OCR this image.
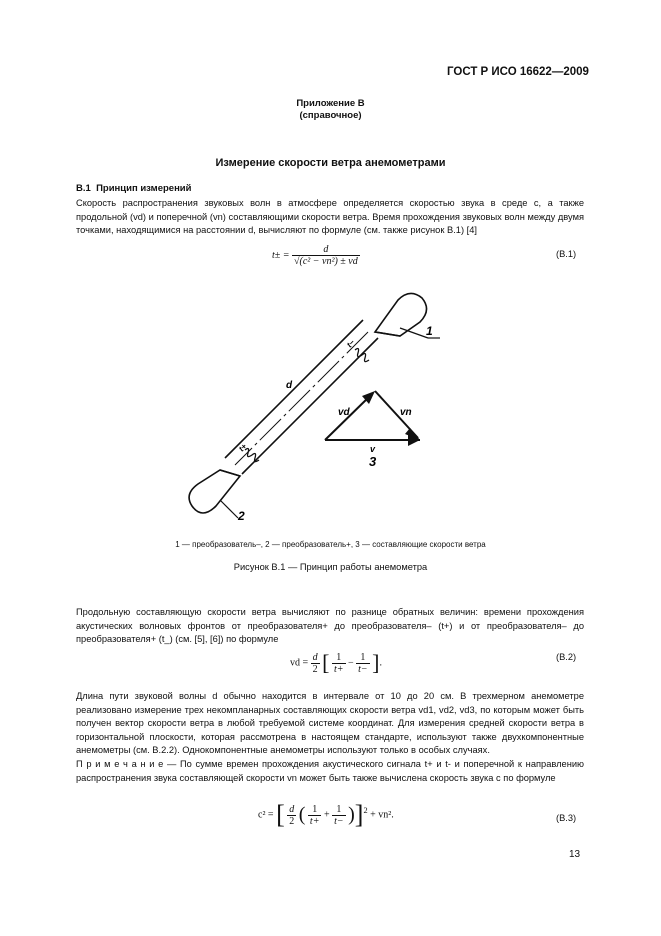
ГОСТ Р ИСО 16622—2009
Приложение В
(справочное)
Измерение скорости ветра анемометрами
В.1 Принцип измерений
Скорость распространения звуковых волн в атмосфере определяется скоростью звука в среде c, а также продольной (vd) и поперечной (vn) составляющими скорости ветра. Время прохождения звуковых волн между двумя точками, находящимися на расстоянии d, вычисляют по формуле (см. также рисунок В.1) [4]
$t\pm = \frac{d}{\text{√(c² − vn²) ± vd}}$	(В.1)
1
2
d
t−
t+
vd	vn
v
3
1 — преобразователь–, 2 — преобразователь+, 3 — составляющие скорости ветра
Рисунок В.1 — Принцип работы анемометра
Продольную составляющую скорости ветра вычисляют по разнице обратных величин: времени прохождения акустических волновых фронтов от преобразователя+ до преобразователя– (t+) и от преобразователя– до преобразователя+ (t_) (см. [5], [6]) по формуле
vd = $\frac{d}{2}$ [ $\frac{1}{t+} - \frac{1}{t-}$ ].
(В.2)
Длина пути звуковой волны d обычно находится в интервале от 10 до 20 см. В трехмерном анемометре реализовано измерение трех некомпланарных составляющих скорости ветра vd1, vd2, vd3, по которым может быть получен вектор скорости ветра в любой требуемой системе координат. Для измерения средней скорости ветра в горизонтальной плоскости, которая рассмотрена в настоящем стандарте, используют также двухкомпонентные анемометры (см. В.2.2). Однокомпонентные анемометры используют только в особых случаях.
П р и м е ч а н и е — По сумме времен прохождения акустического сигнала t+ и t- и поперечной к направлению распространения звука составляющей скорости vn может быть также вычислена скорость звука c по формуле
c² = [ $\frac{d}{2}$ ( $\frac{1}{t+} + \frac{1}{t-} )]^2 + vn^2$.	(В.3)
13
